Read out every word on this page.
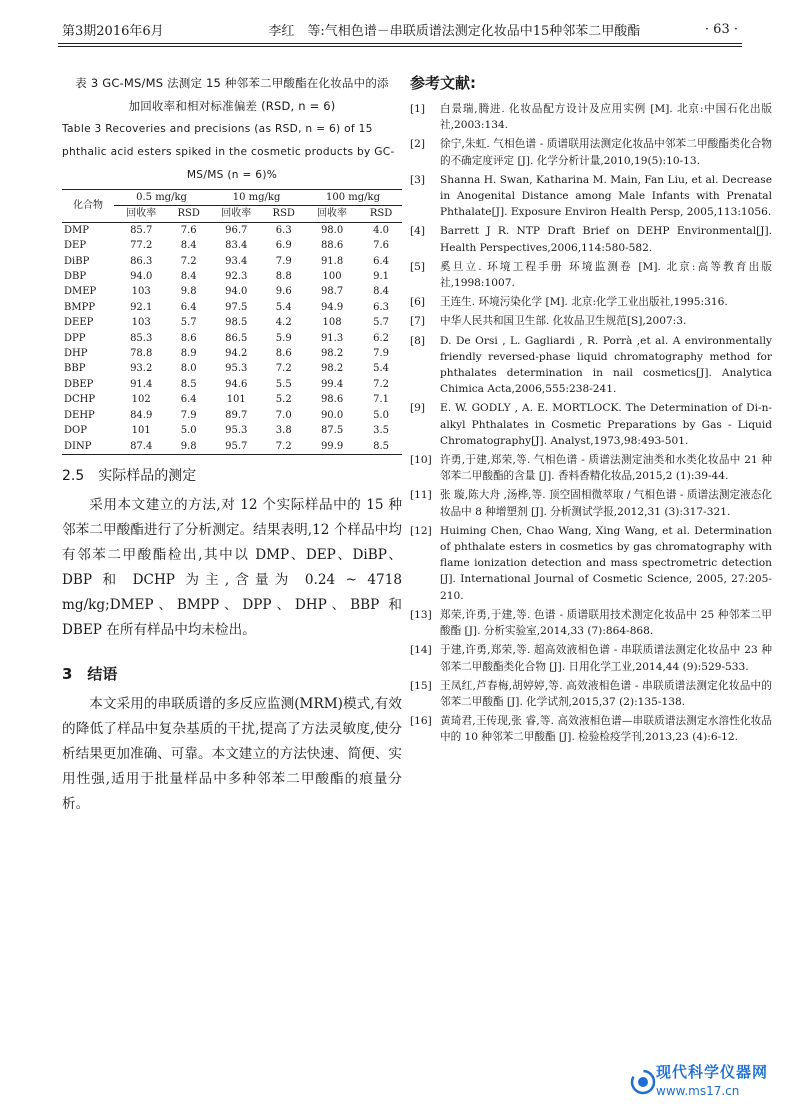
第3期2016年6月	李红　等:气相色谱－串联质谱法测定化妆品中15种邻苯二甲酸酯	· 63 ·
表 3 GC-MS/MS 法测定 15 种邻苯二甲酸酯在化妆品中的添
加回收率和相对标准偏差 (RSD, n = 6)
Table 3 Recoveries and precisions (as RSD, n = 6) of 15
phthalic acid esters spiked in the cosmetic products by GC-
MS/MS (n = 6)%
化合物	0.5 mg/kg		10 mg/kg		100 mg/kg	
	回收率	RSD	回收率	RSD	回收率	RSD
DMP	85.7	7.6	96.7	6.3	98.0	4.0
DEP	77.2	8.4	83.4	6.9	88.6	7.6
DiBP	86.3	7.2	93.4	7.9	91.8	6.4
DBP	94.0	8.4	92.3	8.8	100	9.1
DMEP	103	9.8	94.0	9.6	98.7	8.4
BMPP	92.1	6.4	97.5	5.4	94.9	6.3
DEEP	103	5.7	98.5	4.2	108	5.7
DPP	85.3	8.6	86.5	5.9	91.3	6.2
DHP	78.8	8.9	94.2	8.6	98.2	7.9
BBP	93.2	8.0	95.3	7.2	98.2	5.4
DBEP	91.4	8.5	94.6	5.5	99.4	7.2
DCHP	102	6.4	101	5.2	98.6	7.1
DEHP	84.9	7.9	89.7	7.0	90.0	5.0
DOP	101	5.0	95.3	3.8	87.5	3.5
DINP	87.4	9.8	95.7	7.2	99.9	8.5
2.5　实际样品的测定

采用本文建立的方法,对 12 个实际样品中的 15 种邻苯二甲酸酯进行了分析测定。结果表明,12 个样品中均有邻苯二甲酸酯检出,其中以 DMP、DEP、DiBP、DBP 和 DCHP 为主,含量为 0.24 ~ 4718 mg/kg;DMEP、BMPP、DPP、DHP、BBP 和 DBEP 在所有样品中均未检出。

3　结语

本文采用的串联质谱的多反应监测(MRM)模式,有效的降低了样品中复杂基质的干扰,提高了方法灵敏度,使分析结果更加准确、可靠。本文建立的方法快速、简便、实用性强,适用于批量样品中多种邻苯二甲酸酯的痕量分析。

参考文献:
[1]	白景瑞,腾进. 化妆品配方设计及应用实例 [M]. 北京:中国石化出版社,2003:134.
[2]	徐宁,朱虹. 气相色谱 - 质谱联用法测定化妆品中邻苯二甲酸酯类化合物的不确定度评定 [J]. 化学分析计量,2010,19(5):10-13.
[3]	Shanna H. Swan, Katharina M. Main, Fan Liu, et al. Decrease in Anogenital Distance among Male Infants with Prenatal Phthalate[J]. Exposure Environ Health Persp, 2005,113:1056.
[4]	Barrett J R. NTP Draft Brief on DEHP Environmental[J]. Health Perspectives,2006,114:580-582.
[5]	奚旦立. 环境工程手册 环境监测卷 [M]. 北京:高等教育出版社,1998:1007.
[6]	王连生. 环境污染化学 [M]. 北京:化学工业出版社,1995:316.
[7]	中华人民共和国卫生部. 化妆品卫生规范[S],2007:3.
[8]	D. De Orsi , L. Gagliardi , R. Porrà ,et al. A environmentally friendly reversed-phase liquid chromatography method for phthalates determination in nail cosmetics[J]. Analytica Chimica Acta,2006,555:238-241.
[9]	E. W. GODLY , A. E. MORTLOCK. The Determination of Di-n-alkyl Phthalates in Cosmetic Preparations by Gas - Liquid Chromatography[J]. Analyst,1973,98:493-501.
[10] 许勇,于建,郑荣,等. 气相色谱 - 质谱法测定油类和水类化妆品中 21 种邻苯二甲酸酯的含量 [J]. 香料香精化妆品,2015,2 (1):39-44.
[11] 张 璇,陈大舟 ,汤桦,等. 顶空固相微萃取 / 气相色谱 - 质谱法测定液态化妆品中 8 种增塑剂 [J]. 分析测试学报,2012,31 (3):317-321.
[12] Huiming Chen, Chao Wang, Xing Wang, et al. Determination of phthalate esters in cosmetics by gas chromatography with flame ionization detection and mass spectrometric detection [J]. International Journal of Cosmetic Science, 2005, 27:205-210.
[13] 郑荣,许勇,于建,等. 色谱 - 质谱联用技术测定化妆品中 25 种邻苯二甲酸酯 [J]. 分析实验室,2014,33 (7):864-868.
[14] 于建,许勇,郑荣,等. 超高效液相色谱 - 串联质谱法测定化妆品中 23 种邻苯二甲酸酯类化合物 [J]. 日用化学工业,2014,44 (9):529-533.
[15] 王凤红,芦春梅,胡婷婷,等. 高效液相色谱 - 串联质谱法测定化妆品中的邻苯二甲酸酯 [J]. 化学试剂,2015,37 (2):135-138.
[16] 黄琦君,王传现,张 睿,等. 高效液相色谱—串联质谱法测定水溶性化妆品中的 10 种邻苯二甲酸酯 [J]. 检验检疫学刊,2013,23 (4):6-12.
现代科学仪器网
www.ms17.cn
